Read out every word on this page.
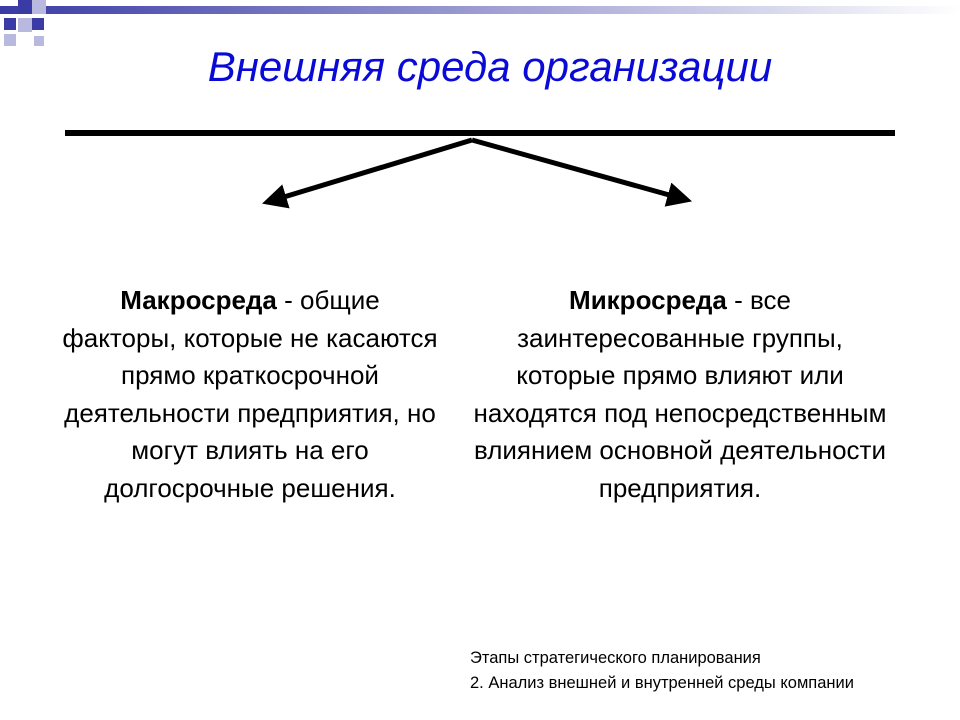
Внешняя среда организации
Макросреда - общие факторы, которые не касаются прямо краткосрочной деятельности предприятия, но могут влиять на его долгосрочные решения.
Микросреда - все заинтересованные группы, которые прямо влияют или находятся под непосредственным влиянием основной деятельности предприятия.
Этапы стратегического планирования
2. Анализ внешней и внутренней среды компании
